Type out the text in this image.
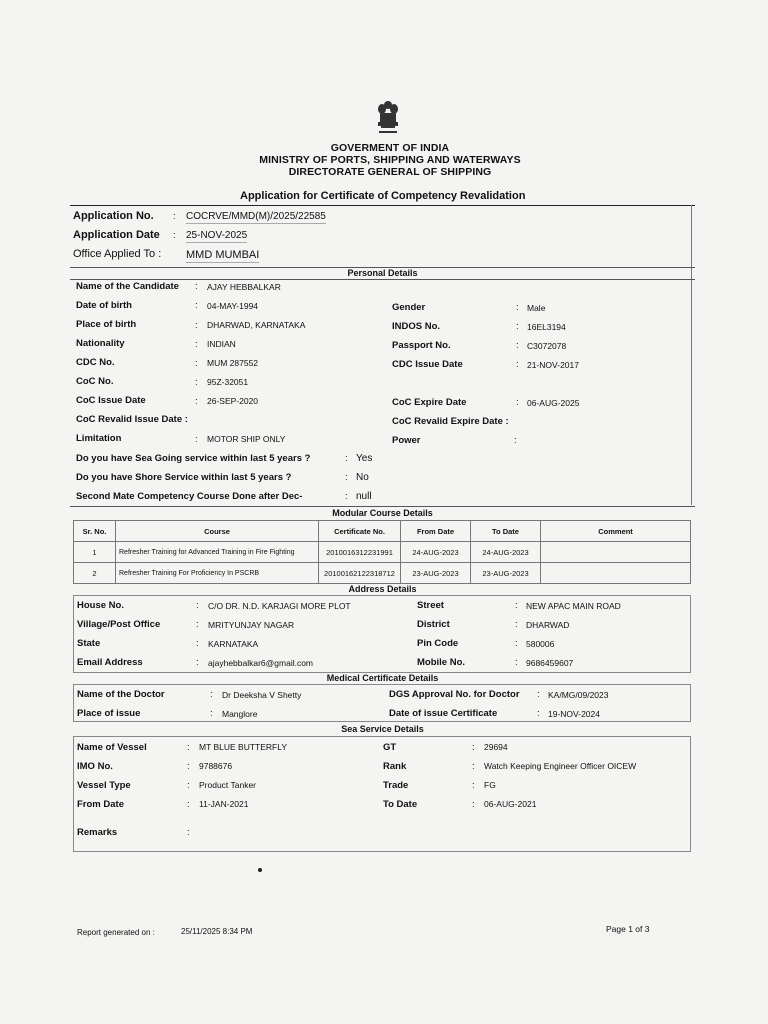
GOVERMENT OF INDIA
MINISTRY OF PORTS, SHIPPING AND WATERWAYS
DIRECTORATE GENERAL OF SHIPPING
Application for Certificate of Competency Revalidation
Application No. : COCRVE/MMD(M)/2025/22585
Application Date : 25-NOV-2025
Office Applied To : MMD MUMBAI
Personal Details
Name of the Candidate : AJAY HEBBALKAR
Date of birth	: 04-MAY-1994	Gender	: Male
Place of birth	: DHARWAD, KARNATAKA	INDOS No.	: 16EL3194
Nationality	: INDIAN	Passport No.	: C3072078
CDC No.	: MUM 287552	CDC Issue Date	: 21-NOV-2017
CoC No.	: 95Z-32051
CoC Issue Date	: 26-SEP-2020	CoC Expire Date	: 06-AUG-2025
CoC Revalid Issue Date :	CoC Revalid Expire Date :
Limitation	: MOTOR SHIP ONLY	Power	:
Do you have Sea Going service within last 5 years ?	: Yes
Do you have Shore Service within last 5 years ?	: No
Second Mate Competency Course Done after Dec-	: null
Modular Course Details
Sr. No.	Course	Certificate No.	From Date	To Date	Comment
1	Refresher Training for Advanced Training in Fire Fighting	2010016312231991	24-AUG-2023	24-AUG-2023	
2	Refresher Training For Proficiency In PSCRB	20100162122318712	23-AUG-2023	23-AUG-2023	
Address Details
House No.	: C/O DR. N.D. KARJAGI MORE PLOT	Street	: NEW APAC MAIN ROAD
Village/Post Office	: MRITYUNJAY NAGAR	District	: DHARWAD
State	: KARNATAKA	Pin Code	: 580006
Email Address	: ajayhebbalkar6@gmail.com	Mobile No.	: 9686459607
Medical Certificate Details
Name of the Doctor	: Dr Deeksha V Shetty	DGS Approval No. for Doctor : KA/MG/09/2023
Place of issue	: Manglore	Date of issue Certificate	: 19-NOV-2024
Sea Service Details
Name of Vessel	: MT BLUE BUTTERFLY	GT	: 29694
IMO No.	: 9788676	Rank	: Watch Keeping Engineer Officer OICEW
Vessel Type	: Product Tanker	Trade	: FG
From Date	: 11-JAN-2021	To Date	: 06-AUG-2021
Remarks	:
Report generated on :	25/11/2025 8:34 PM	Page 1 of 3
